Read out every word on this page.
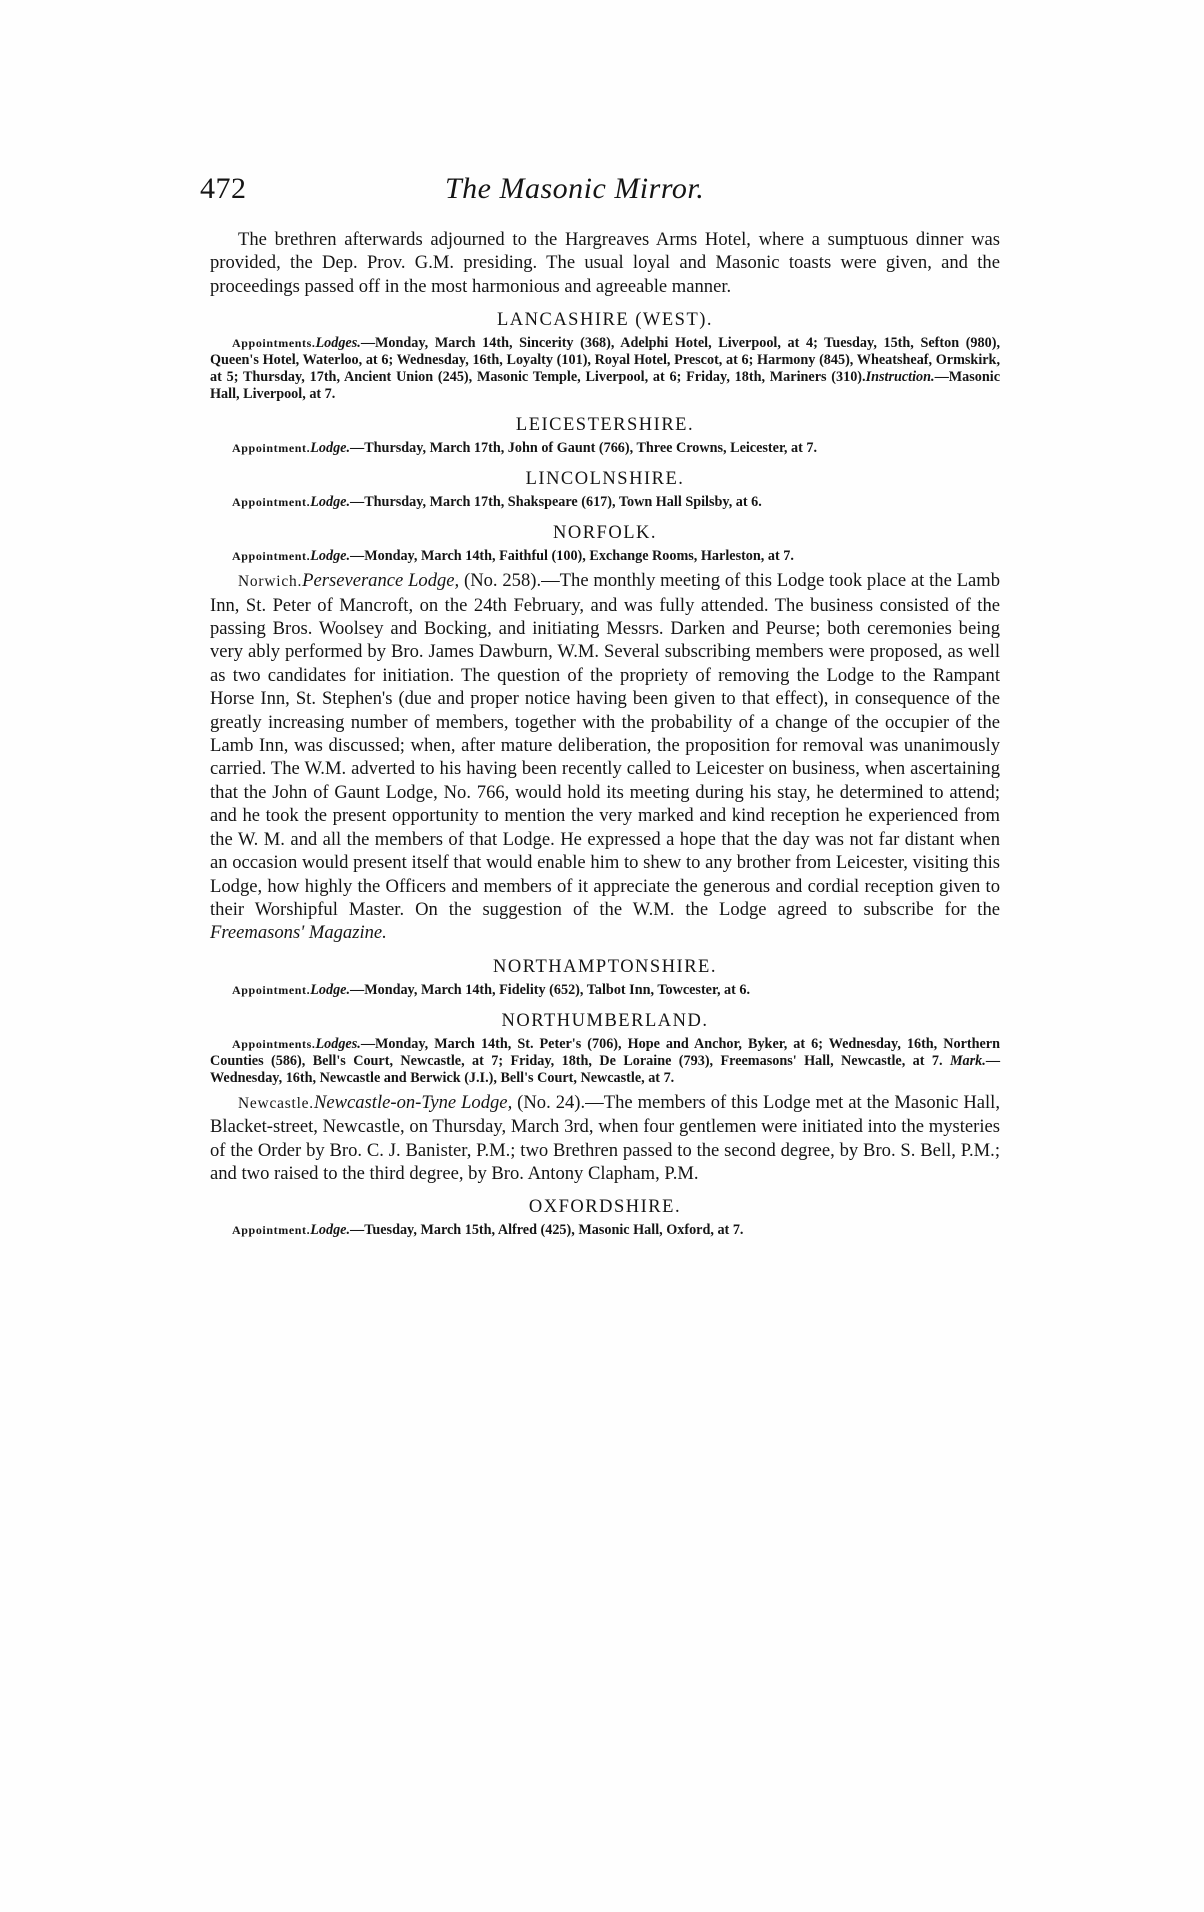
472	The Masonic Mirror.

The brethren afterwards adjourned to the Hargreaves Arms Hotel, where a sumptuous dinner was provided, the Dep. Prov. G.M. presiding. The usual loyal and Masonic toasts were given, and the proceedings passed off in the most harmonious and agreeable manner.

LANCASHIRE (WEST).

Appointments.Lodges.—Monday, March 14th, Sincerity (368), Adelphi Hotel, Liverpool, at 4; Tuesday, 15th, Sefton (980), Queen's Hotel, Waterloo, at 6; Wednesday, 16th, Loyalty (101), Royal Hotel, Prescot, at 6; Harmony (845), Wheatsheaf, Ormskirk, at 5; Thursday, 17th, Ancient Union (245), Masonic Temple, Liverpool, at 6; Friday, 18th, Mariners (310).Instruction.—Masonic Hall, Liverpool, at 7.

LEICESTERSHIRE.

Appointment.Lodge.—Thursday, March 17th, John of Gaunt (766), Three Crowns, Leicester, at 7.

LINCOLNSHIRE.

Appointment.Lodge.—Thursday, March 17th, Shakspeare (617), Town Hall Spilsby, at 6.

NORFOLK.

Appointment.Lodge.—Monday, March 14th, Faithful (100), Exchange Rooms, Harleston, at 7.

Norwich.Perseverance Lodge, (No. 258).—The monthly meeting of this Lodge took place at the Lamb Inn, St. Peter of Mancroft, on the 24th February, and was fully attended. The business consisted of the passing Bros. Woolsey and Bocking, and initiating Messrs. Darken and Peurse; both ceremonies being very ably performed by Bro. James Dawburn, W.M. Several subscribing members were proposed, as well as two candidates for initiation. The question of the propriety of removing the Lodge to the Rampant Horse Inn, St. Stephen's (due and proper notice having been given to that effect), in consequence of the greatly increasing number of members, together with the probability of a change of the occupier of the Lamb Inn, was discussed; when, after mature deliberation, the proposition for removal was unanimously carried. The W.M. adverted to his having been recently called to Leicester on business, when ascertaining that the John of Gaunt Lodge, No. 766, would hold its meeting during his stay, he determined to attend; and he took the present opportunity to mention the very marked and kind reception he experienced from the W. M. and all the members of that Lodge. He expressed a hope that the day was not far distant when an occasion would present itself that would enable him to shew to any brother from Leicester, visiting this Lodge, how highly the Officers and members of it appreciate the generous and cordial reception given to their Worshipful Master. On the suggestion of the W.M. the Lodge agreed to subscribe for the Freemasons' Magazine.

NORTHAMPTONSHIRE.

Appointment.Lodge.—Monday, March 14th, Fidelity (652), Talbot Inn, Towcester, at 6.

NORTHUMBERLAND.

Appointments.Lodges.—Monday, March 14th, St. Peter's (706), Hope and Anchor, Byker, at 6; Wednesday, 16th, Northern Counties (586), Bell's Court, Newcastle, at 7; Friday, 18th, De Loraine (793), Freemasons' Hall, Newcastle, at 7. Mark.—Wednesday, 16th, Newcastle and Berwick (J.I.), Bell's Court, Newcastle, at 7.

Newcastle.Newcastle-on-Tyne Lodge, (No. 24).—The members of this Lodge met at the Masonic Hall, Blacket-street, Newcastle, on Thursday, March 3rd, when four gentlemen were initiated into the mysteries of the Order by Bro. C. J. Banister, P.M.; two Brethren passed to the second degree, by Bro. S. Bell, P.M.; and two raised to the third degree, by Bro. Antony Clapham, P.M.

OXFORDSHIRE.

Appointment.Lodge.—Tuesday, March 15th, Alfred (425), Masonic Hall, Oxford, at 7.
